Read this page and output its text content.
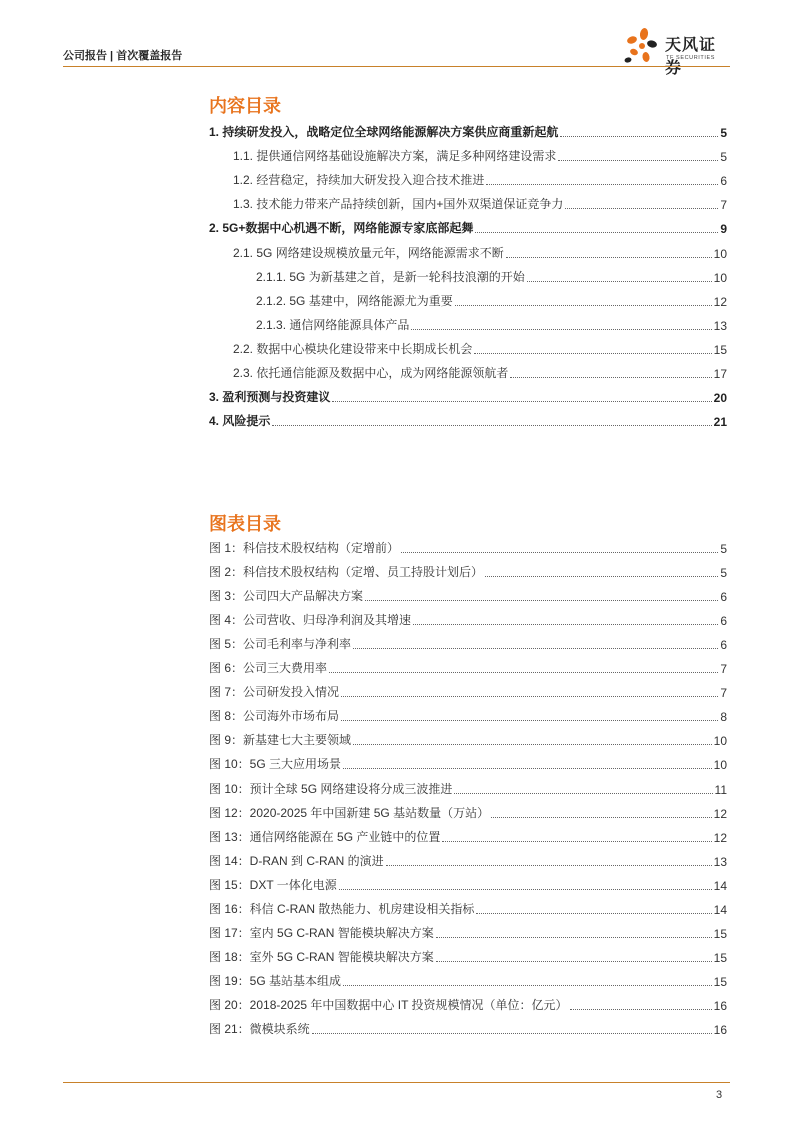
公司报告 | 首次覆盖报告
天风证券
TF SECURITIES
内容目录
1. 持续研发投入，战略定位全球网络能源解决方案供应商重新起航	5
1.1. 提供通信网络基础设施解决方案，满足多种网络建设需求	5
1.2. 经营稳定，持续加大研发投入迎合技术推进	6
1.3. 技术能力带来产品持续创新，国内+国外双渠道保证竞争力	7
2. 5G+数据中心机遇不断，网络能源专家底部起舞	9
2.1. 5G 网络建设规模放量元年，网络能源需求不断	10
2.1.1. 5G 为新基建之首，是新一轮科技浪潮的开始	10
2.1.2. 5G 基建中，网络能源尤为重要	12
2.1.3. 通信网络能源具体产品	13
2.2. 数据中心模块化建设带来中长期成长机会	15
2.3. 依托通信能源及数据中心，成为网络能源领航者	17
3. 盈利预测与投资建议	20
4. 风险提示	21
图表目录
图 1：科信技术股权结构（定增前）	5
图 2：科信技术股权结构（定增、员工持股计划后）	5
图 3：公司四大产品解决方案	6
图 4：公司营收、归母净利润及其增速	6
图 5：公司毛利率与净利率	6
图 6：公司三大费用率	7
图 7：公司研发投入情况	7
图 8：公司海外市场布局	8
图 9：新基建七大主要领域	10
图 10：5G 三大应用场景	10
图 10：预计全球 5G 网络建设将分成三波推进	11
图 12：2020-2025 年中国新建 5G 基站数量（万站）	12
图 13：通信网络能源在 5G 产业链中的位置	12
图 14：D-RAN 到 C-RAN 的演进	13
图 15：DXT 一体化电源	14
图 16：科信 C-RAN 散热能力、机房建设相关指标	14
图 17：室内 5G C-RAN 智能模块解决方案	15
图 18：室外 5G C-RAN 智能模块解决方案	15
图 19：5G 基站基本组成	15
图 20：2018-2025 年中国数据中心 IT 投资规模情况（单位：亿元）	16
图 21：微模块系统	16
3
